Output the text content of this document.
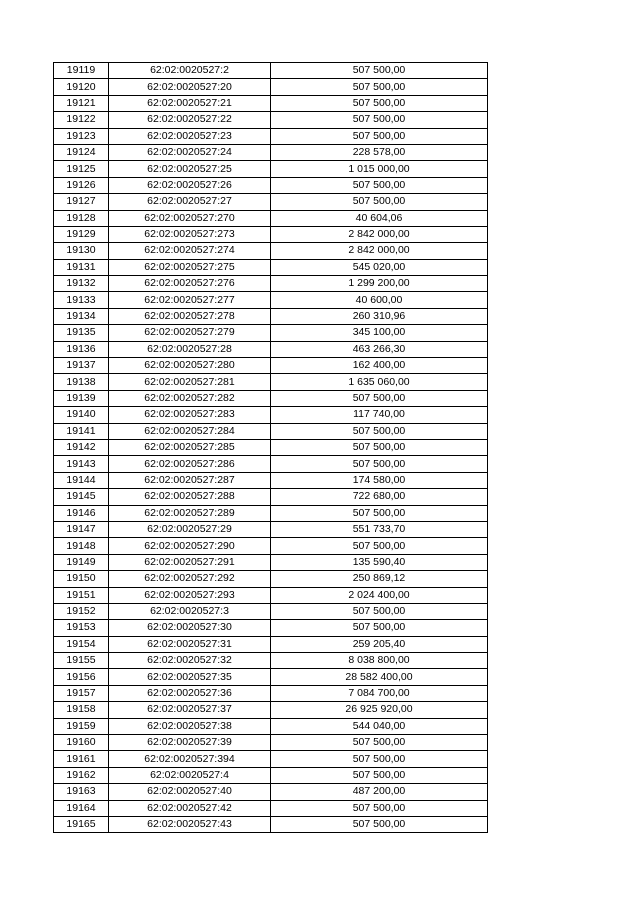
19119	62:02:0020527:2	507 500,00
19120	62:02:0020527:20	507 500,00
19121	62:02:0020527:21	507 500,00
19122	62:02:0020527:22	507 500,00
19123	62:02:0020527:23	507 500,00
19124	62:02:0020527:24	228 578,00
19125	62:02:0020527:25	1 015 000,00
19126	62:02:0020527:26	507 500,00
19127	62:02:0020527:27	507 500,00
19128	62:02:0020527:270	40 604,06
19129	62:02:0020527:273	2 842 000,00
19130	62:02:0020527:274	2 842 000,00
19131	62:02:0020527:275	545 020,00
19132	62:02:0020527:276	1 299 200,00
19133	62:02:0020527:277	40 600,00
19134	62:02:0020527:278	260 310,96
19135	62:02:0020527:279	345 100,00
19136	62:02:0020527:28	463 266,30
19137	62:02:0020527:280	162 400,00
19138	62:02:0020527:281	1 635 060,00
19139	62:02:0020527:282	507 500,00
19140	62:02:0020527:283	117 740,00
19141	62:02:0020527:284	507 500,00
19142	62:02:0020527:285	507 500,00
19143	62:02:0020527:286	507 500,00
19144	62:02:0020527:287	174 580,00
19145	62:02:0020527:288	722 680,00
19146	62:02:0020527:289	507 500,00
19147	62:02:0020527:29	551 733,70
19148	62:02:0020527:290	507 500,00
19149	62:02:0020527:291	135 590,40
19150	62:02:0020527:292	250 869,12
19151	62:02:0020527:293	2 024 400,00
19152	62:02:0020527:3	507 500,00
19153	62:02:0020527:30	507 500,00
19154	62:02:0020527:31	259 205,40
19155	62:02:0020527:32	8 038 800,00
19156	62:02:0020527:35	28 582 400,00
19157	62:02:0020527:36	7 084 700,00
19158	62:02:0020527:37	26 925 920,00
19159	62:02:0020527:38	544 040,00
19160	62:02:0020527:39	507 500,00
19161	62:02:0020527:394	507 500,00
19162	62:02:0020527:4	507 500,00
19163	62:02:0020527:40	487 200,00
19164	62:02:0020527:42	507 500,00
19165	62:02:0020527:43	507 500,00
